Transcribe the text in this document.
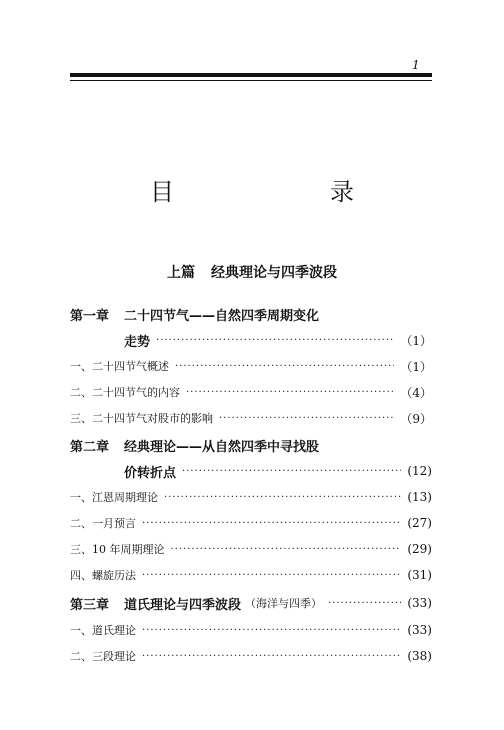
1
目　　录
上篇 经典理论与四季波段
第一章	二十四节气——自然四季周期变化
走势 ·····	（1）
一、二十四节气概述 ·····	（1）
二、二十四节气的内容 ·····	（4）
三、二十四节气对股市的影响 ·····	（9）
第二章	经典理论——从自然四季中寻找股
价转折点 ·····	(12)
一、江恩周期理论 ·····	(13)
二、一月预言 ·····	(27)
三、10 年周期理论 ·····	(29)
四、螺旋历法 ·····	(31)
第三章	道氏理论与四季波段 （海洋与四季） ·····	(33)
一、道氏理论 ·····	(33)
二、三段理论 ·····	(38)
